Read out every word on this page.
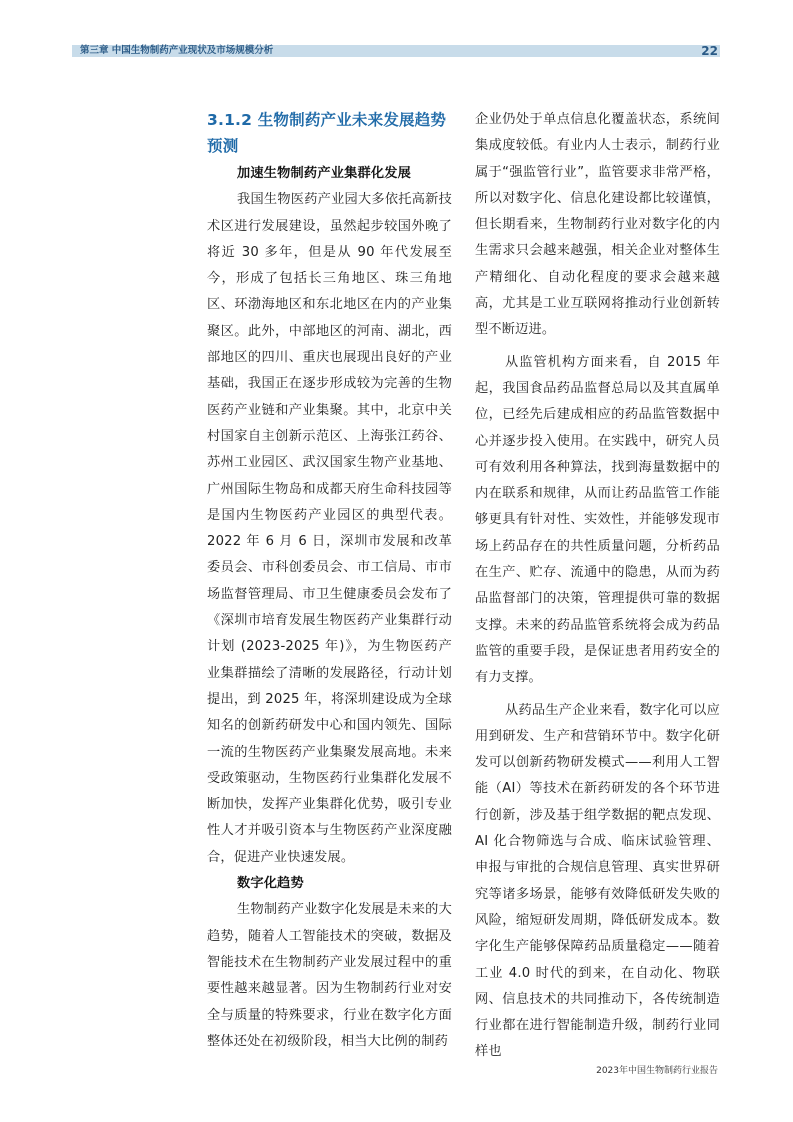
第三章 中国生物制药产业现状及市场规模分析	22

3.1.2 生物制药产业未来发展趋势预测

加速生物制药产业集群化发展

我国生物医药产业园大多依托高新技术区进行发展建设，虽然起步较国外晚了将近 30 多年，但是从 90 年代发展至今，形成了包括长三角地区、珠三角地区、环渤海地区和东北地区在内的产业集聚区。此外，中部地区的河南、湖北，西部地区的四川、重庆也展现出良好的产业基础，我国正在逐步形成较为完善的生物医药产业链和产业集聚。其中，北京中关村国家自主创新示范区、上海张江药谷、苏州工业园区、武汉国家生物产业基地、广州国际生物岛和成都天府生命科技园等是国内生物医药产业园区的典型代表。2022 年 6 月 6 日，深圳市发展和改革委员会、市科创委员会、市工信局、市市场监督管理局、市卫生健康委员会发布了《深圳市培育发展生物医药产业集群行动计划 (2023-2025 年)》，为生物医药产业集群描绘了清晰的发展路径，行动计划提出，到 2025 年，将深圳建设成为全球知名的创新药研发中心和国内领先、国际一流的生物医药产业集聚发展高地。未来受政策驱动，生物医药行业集群化发展不断加快，发挥产业集群化优势，吸引专业性人才并吸引资本与生物医药产业深度融合，促进产业快速发展。

数字化趋势

生物制药产业数字化发展是未来的大趋势，随着人工智能技术的突破，数据及智能技术在生物制药产业发展过程中的重要性越来越显著。因为生物制药行业对安全与质量的特殊要求，行业在数字化方面整体还处在初级阶段，相当大比例的制药

企业仍处于单点信息化覆盖状态，系统间集成度较低。有业内人士表示，制药行业属于“强监管行业”，监管要求非常严格，所以对数字化、信息化建设都比较谨慎，但长期看来，生物制药行业对数字化的内生需求只会越来越强，相关企业对整体生产精细化、自动化程度的要求会越来越高，尤其是工业互联网将推动行业创新转型不断迈进。

从监管机构方面来看，自 2015 年起，我国食品药品监督总局以及其直属单位，已经先后建成相应的药品监管数据中心并逐步投入使用。在实践中，研究人员可有效利用各种算法，找到海量数据中的内在联系和规律，从而让药品监管工作能够更具有针对性、实效性，并能够发现市场上药品存在的共性质量问题，分析药品在生产、贮存、流通中的隐患，从而为药品监督部门的决策，管理提供可靠的数据支撑。未来的药品监管系统将会成为药品监管的重要手段，是保证患者用药安全的有力支撑。

从药品生产企业来看，数字化可以应用到研发、生产和营销环节中。数字化研发可以创新药物研发模式——利用人工智能（AI）等技术在新药研发的各个环节进行创新，涉及基于组学数据的靶点发现、AI 化合物筛选与合成、临床试验管理、申报与审批的合规信息管理、真实世界研究等诸多场景，能够有效降低研发失败的风险，缩短研发周期，降低研发成本。数字化生产能够保障药品质量稳定——随着工业 4.0 时代的到来，在自动化、物联网、信息技术的共同推动下，各传统制造行业都在进行智能制造升级，制药行业同样也

2023年中国生物制药行业报告
